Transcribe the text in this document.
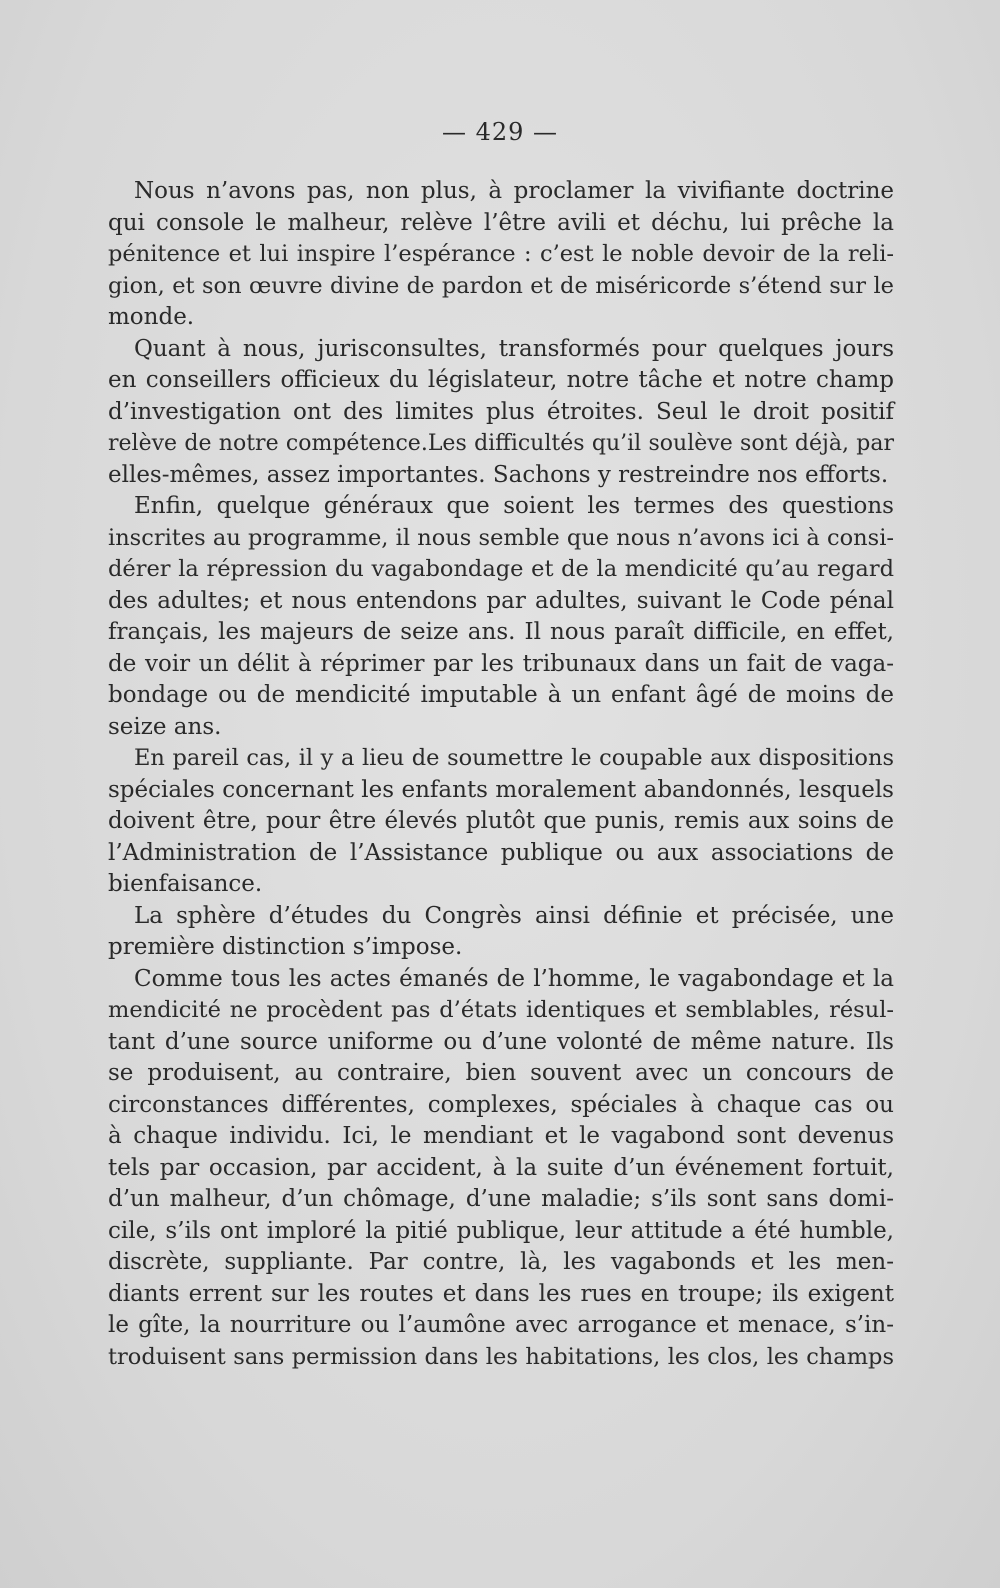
— 429 —
Nous n’avons pas, non plus, à proclamer la vivifiante doctrine
qui console le malheur, relève l’être avili et déchu, lui prêche la
pénitence et lui inspire l’espérance : c’est le noble devoir de la reli-
gion, et son œuvre divine de pardon et de miséricorde s’étend sur le
monde.
Quant à nous, jurisconsultes, transformés pour quelques jours
en conseillers officieux du législateur, notre tâche et notre champ
d’investigation ont des limites plus étroites. Seul le droit positif
relève de notre compétence.Les difficultés qu’il soulève sont déjà, par
elles-mêmes, assez importantes. Sachons y restreindre nos efforts.
Enfin, quelque généraux que soient les termes des questions
inscrites au programme, il nous semble que nous n’avons ici à consi-
dérer la répression du vagabondage et de la mendicité qu’au regard
des adultes; et nous entendons par adultes, suivant le Code pénal
français, les majeurs de seize ans. Il nous paraît difficile, en effet,
de voir un délit à réprimer par les tribunaux dans un fait de vaga-
bondage ou de mendicité imputable à un enfant âgé de moins de
seize ans.
En pareil cas, il y a lieu de soumettre le coupable aux dispositions
spéciales concernant les enfants moralement abandonnés, lesquels
doivent être, pour être élevés plutôt que punis, remis aux soins de
l’Administration de l’Assistance publique ou aux associations de
bienfaisance.
La sphère d’études du Congrès ainsi définie et précisée, une
première distinction s’impose.
Comme tous les actes émanés de l’homme, le vagabondage et la
mendicité ne procèdent pas d’états identiques et semblables, résul-
tant d’une source uniforme ou d’une volonté de même nature. Ils
se produisent, au contraire, bien souvent avec un concours de
circonstances différentes, complexes, spéciales à chaque cas ou
à chaque individu. Ici, le mendiant et le vagabond sont devenus
tels par occasion, par accident, à la suite d’un événement fortuit,
d’un malheur, d’un chômage, d’une maladie; s’ils sont sans domi-
cile, s’ils ont imploré la pitié publique, leur attitude a été humble,
discrète, suppliante. Par contre, là, les vagabonds et les men-
diants errent sur les routes et dans les rues en troupe; ils exigent
le gîte, la nourriture ou l’aumône avec arrogance et menace, s’in-
troduisent sans permission dans les habitations, les clos, les champs
